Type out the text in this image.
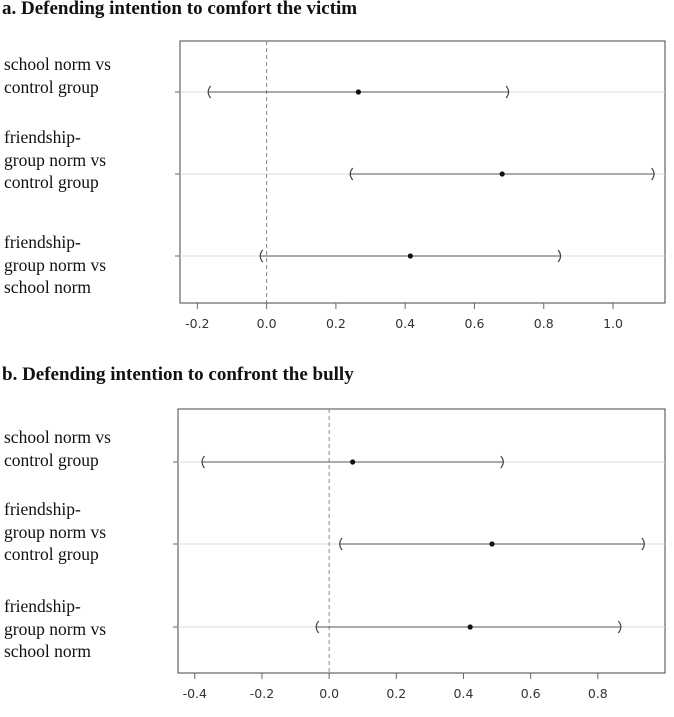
a. Defending intention to comfort the victim
school norm vs
control group
friendship-
group norm vs
control group
friendship-
group norm vs
school norm
-0.2	0.0	0.2	0.4	0.6	0.8	1.0
b. Defending intention to confront the bully
school norm vs
control group
friendship-
group norm vs
control group
friendship-
group norm vs
school norm
-0.4	-0.2	0.0	0.2	0.4	0.6	0.8
